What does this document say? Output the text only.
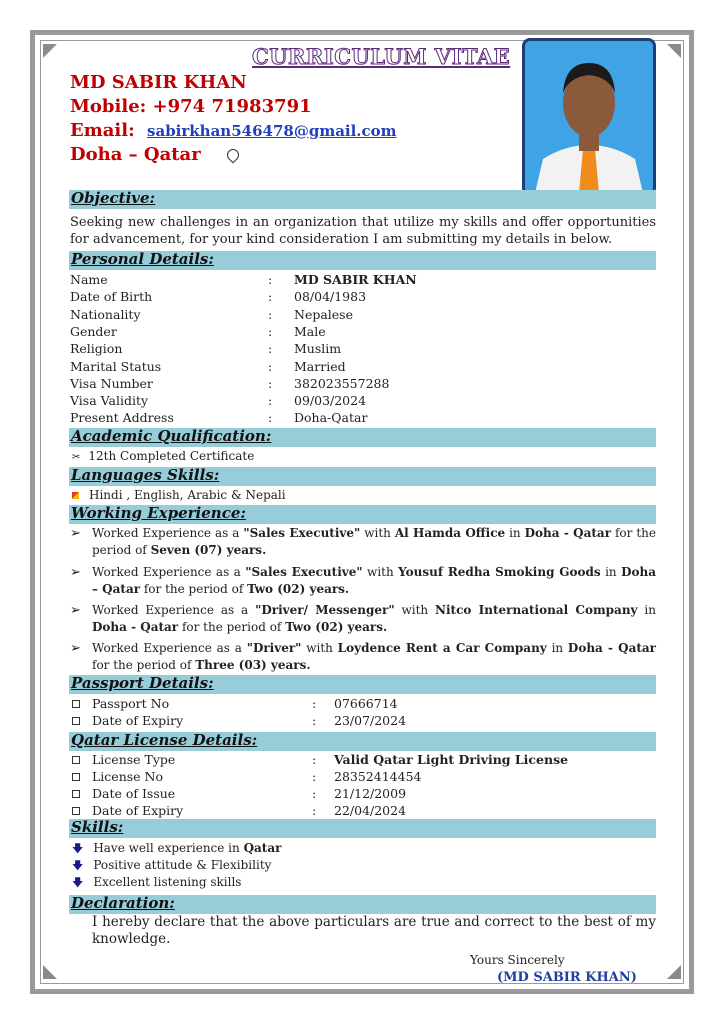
CURRICULUM VITAE
MD SABIR KHAN
Mobile: +974 71983791
Email: sabirkhan546478@gmail.com
Doha – Qatar
Objective:
Seeking new challenges in an organization that utilize my skills and offer opportunities for advancement, for your kind consideration I am submitting my details in below.
Personal Details:
Name	: MD SABIR KHAN
Date of Birth	: 08/04/1983
Nationality	: Nepalese
Gender	: Male
Religion	: Muslim
Marital Status	: Married
Visa Number	: 382023557288
Visa Validity	: 09/03/2024
Present Address	: Doha-Qatar
Academic Qualification:
✂ 12th Completed Certificate
Languages Skills:
Hindi , English, Arabic & Nepali
Working Experience:
➢ Worked Experience as a "Sales Executive" with Al Hamda Office in Doha - Qatar for the period of Seven (07) years.
➢ Worked Experience as a "Sales Executive" with Yousuf Redha Smoking Goods in Doha – Qatar for the period of Two (02) years.
➢ Worked Experience as a "Driver/ Messenger" with Nitco International Company in Doha - Qatar for the period of Two (02) years.
➢ Worked Experience as a "Driver" with Loydence Rent a Car Company in Doha - Qatar for the period of Three (03) years.
Passport Details:
Passport No	: 07666714
Date of Expiry	: 23/07/2024
Qatar License Details:
License Type	: Valid Qatar Light Driving License
License No	: 28352414454
Date of Issue	: 21/12/2009
Date of Expiry	: 22/04/2024
Skills:
🡇 Have well experience in Qatar
🡇 Positive attitude & Flexibility
🡇 Excellent listening skills
Declaration:
I hereby declare that the above particulars are true and correct to the best of my knowledge.
Yours Sincerely
(MD SABIR KHAN)
